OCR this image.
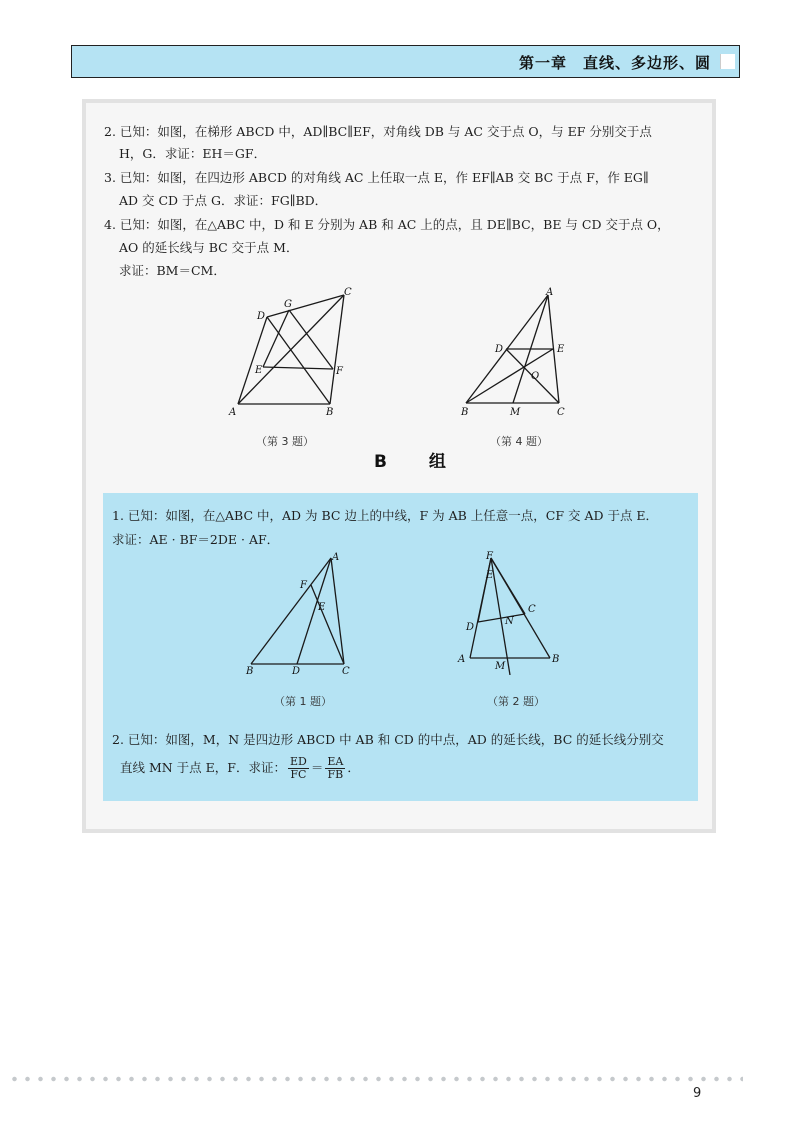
第一章　 直线、多边形、圆
2. 已知：如图，在梯形 ABCD 中，AD∥BC∥EF，对角线 DB 与 AC 交于点 O，与 EF 分别交于点
H，G．求证：EH＝GF．
3. 已知：如图，在四边形 ABCD 的对角线 AC 上任取一点 E，作 EF∥AB 交 BC 于点 F，作 EG∥
AD 交 CD 于点 G．求证：FG∥BD．
4. 已知：如图，在△ABC 中，D 和 E 分别为 AB 和 AC 上的点，且 DE∥BC，BE 与 CD 交于点 O，
AO 的延长线与 BC 交于点 M．
求证：BM＝CM．
A	B
C
D
E	F
G
（第 3 题）
A
B	C
D	E
M
O
（第 4 题）
B 组
1. 已知：如图，在△ABC 中，AD 为 BC 边上的中线，F 为 AB 上任意一点，CF 交 AD 于点 E．
求证：AE · BF＝2DE · AF．
A
B	C
D
E
F
（第 1 题）
F
E
D
C
N
A	B
M
（第 2 题）
2. 已知：如图，M，N 是四边形 ABCD 中 AB 和 CD 的中点，AD 的延长线，BC 的延长线分别交
直线 MN 于点 E，F．求证： $\frac{ED}{FC} = \frac{EA}{FB}$ ．
9
